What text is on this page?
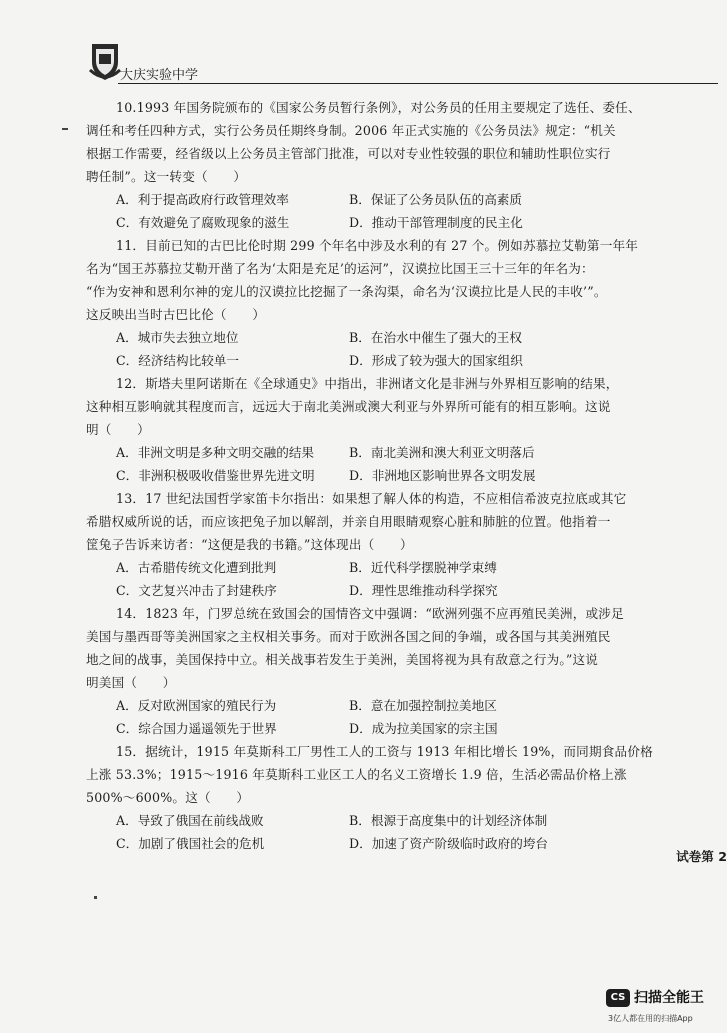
大庆实验中学
10.1993 年国务院颁布的《国家公务员暂行条例》，对公务员的任用主要规定了选任、委任、
调任和考任四种方式，实行公务员任期终身制。2006 年正式实施的《公务员法》规定：“机关
根据工作需要，经省级以上公务员主管部门批准，可以对专业性较强的职位和辅助性职位实行
聘任制”。这一转变（　　）
A．利于提高政府行政管理效率	B．保证了公务员队伍的高素质
C．有效避免了腐败现象的滋生	D．推动干部管理制度的民主化
11．目前已知的古巴比伦时期 299 个年名中涉及水利的有 27 个。例如苏慕拉艾勒第一年年
名为“国王苏慕拉艾勒开凿了名为‘太阳是充足’的运河”，汉谟拉比国王三十三年的年名为：
“作为安神和恩利尔神的宠儿的汉谟拉比挖掘了一条沟渠，命名为‘汉谟拉比是人民的丰收’”。
这反映出当时古巴比伦（　　）
A．城市失去独立地位	B．在治水中催生了强大的王权
C．经济结构比较单一	D．形成了较为强大的国家组织
12．斯塔夫里阿诺斯在《全球通史》中指出，非洲诸文化是非洲与外界相互影响的结果，
这种相互影响就其程度而言，远远大于南北美洲或澳大利亚与外界所可能有的相互影响。这说
明（　　）
A．非洲文明是多种文明交融的结果	B．南北美洲和澳大利亚文明落后
C．非洲积极吸收借鉴世界先进文明	D．非洲地区影响世界各文明发展
13．17 世纪法国哲学家笛卡尔指出：如果想了解人体的构造，不应相信希波克拉底或其它
希腊权威所说的话，而应该把兔子加以解剖，并亲自用眼睛观察心脏和肺脏的位置。他指着一
筐兔子告诉来访者：“这便是我的书籍。”这体现出（　　）
A．古希腊传统文化遭到批判	B．近代科学摆脱神学束缚
C．文艺复兴冲击了封建秩序	D．理性思维推动科学探究
14．1823 年，门罗总统在致国会的国情咨文中强调：“欧洲列强不应再殖民美洲，或涉足
美国与墨西哥等美洲国家之主权相关事务。而对于欧洲各国之间的争端，或各国与其美洲殖民
地之间的战事，美国保持中立。相关战事若发生于美洲，美国将视为具有敌意之行为。”这说
明美国（　　）
A．反对欧洲国家的殖民行为	B．意在加强控制拉美地区
C．综合国力遥遥领先于世界	D．成为拉美国家的宗主国
15．据统计，1915 年莫斯科工厂男性工人的工资与 1913 年相比增长 19%，而同期食品价格
上涨 53.3%；1915～1916 年莫斯科工业区工人的名义工资增长 1.9 倍，生活必需品价格上涨
500%～600%。这（　　）
A．导致了俄国在前线战败	B．根源于高度集中的计划经济体制
C．加剧了俄国社会的危机	D．加速了资产阶级临时政府的垮台
试卷第 2
CS 扫描全能王
3亿人都在用的扫描App
